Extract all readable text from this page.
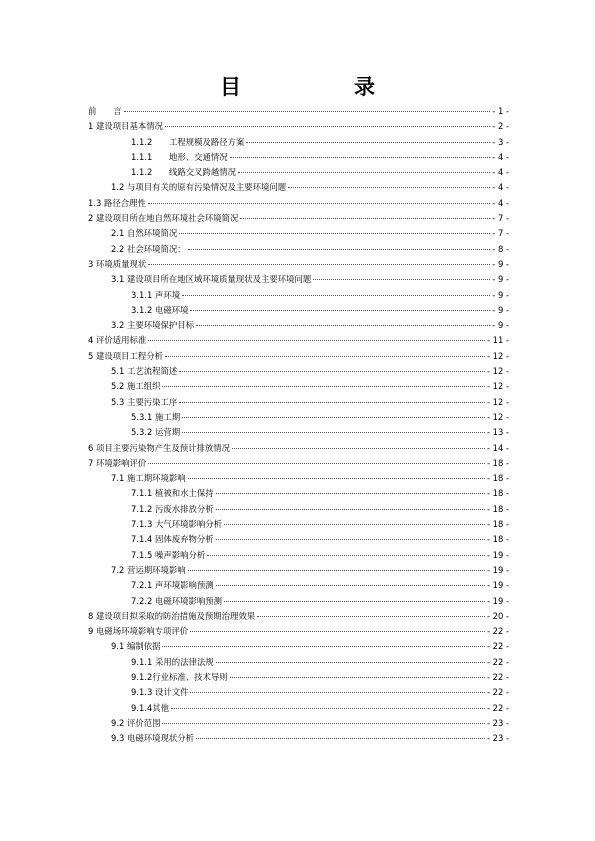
目　录
前　　言	- 1 -
1 建设项目基本情况	- 2 -
1.1.2　　工程规模及路径方案	- 3 -
1.1.1　　地形、交通情况	- 4 -
1.1.2　　线路交叉跨越情况	- 4 -
1.2 与项目有关的原有污染情况及主要环境问题	- 4 -
1.3 路径合理性	- 4 -
2 建设项目所在地自然环境社会环境简况	- 7 -
2.1 自然环境简况	- 7 -
2.2 社会环境简况：	- 8 -
3 环境质量现状	- 9 -
3.1 建设项目所在地区域环境质量现状及主要环境问题	- 9 -
3.1.1 声环境	- 9 -
3.1.2 电磁环境	- 9 -
3.2 主要环境保护目标	- 9 -
4 评价适用标准	- 11 -
5 建设项目工程分析	- 12 -
5.1 工艺流程简述	- 12 -
5.2 施工组织	- 12 -
5.3 主要污染工序	- 12 -
5.3.1 施工期	- 12 -
5.3.2 运营期	- 13 -
6 项目主要污染物产生及预计排放情况	- 14 -
7 环境影响评价	- 18 -
7.1 施工期环境影响	- 18 -
7.1.1 植被和水土保持	- 18 -
7.1.2 污废水排放分析	- 18 -
7.1.3 大气环境影响分析	- 18 -
7.1.4 固体废弃物分析	- 18 -
7.1.5 噪声影响分析	- 19 -
7.2 营运期环境影响	- 19 -
7.2.1 声环境影响预测	- 19 -
7.2.2 电磁环境影响预测	- 19 -
8 建设项目拟采取的防治措施及预期治理效果	- 20 -
9 电磁场环境影响专项评价	- 22 -
9.1 编制依据	- 22 -
9.1.1 采用的法律法规	- 22 -
9.1.2行业标准、技术导则	- 22 -
9.1.3 设计文件	- 22 -
9.1.4其他	- 22 -
9.2 评价范围	- 23 -
9.3 电磁环境现状分析	- 23 -
